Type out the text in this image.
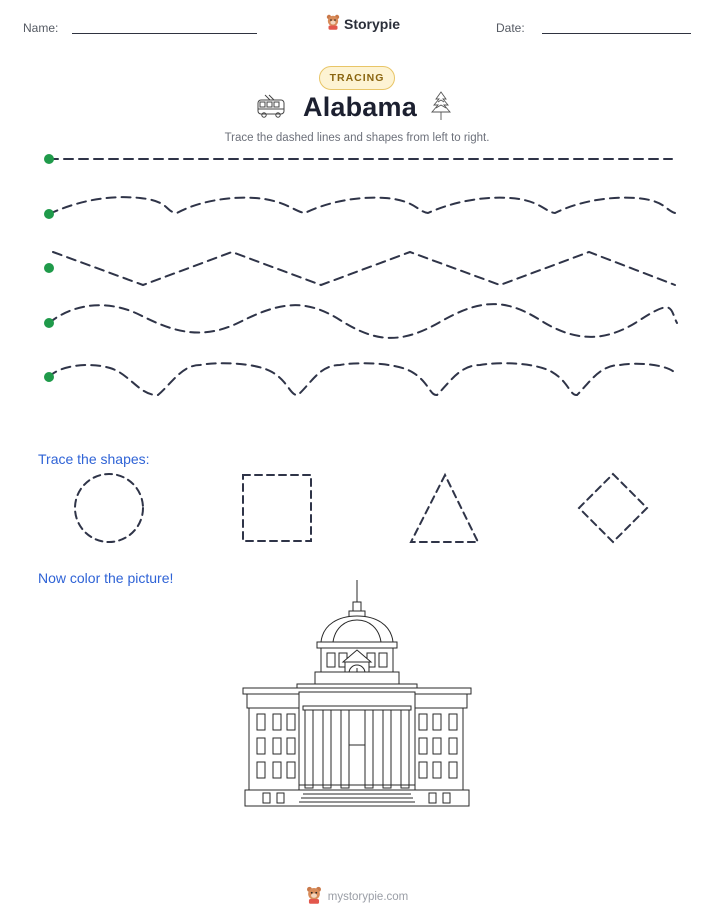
Name:	Storypie	Date:
TRACING
Alabama
Trace the dashed lines and shapes from left to right.
Trace the shapes:
Now color the picture!
mystorypie.com
